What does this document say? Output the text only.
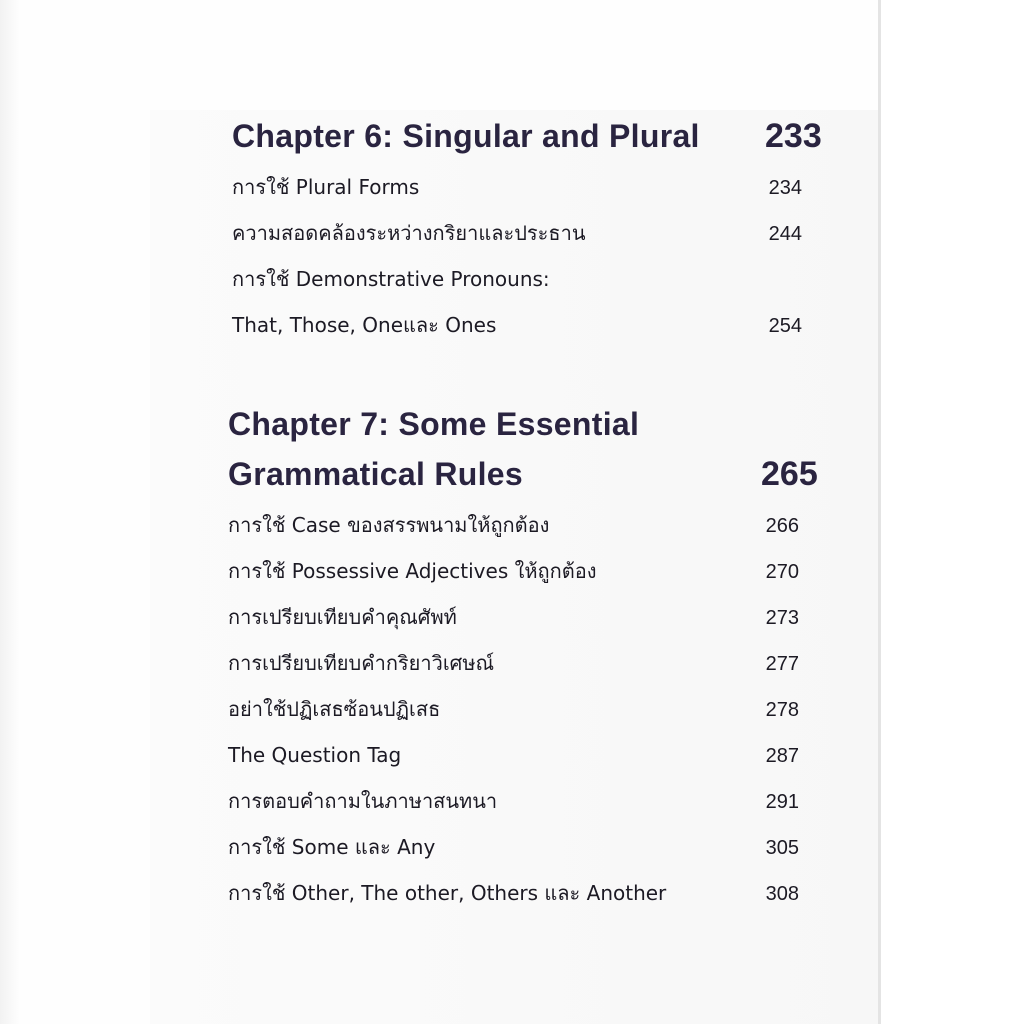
Chapter 6: Singular and Plural 233
การใช้ Plural Forms	234
ความสอดคล้องระหว่างกริยาและประธาน	244
การใช้ Demonstrative Pronouns:
That, Those, Oneและ Ones	254
Chapter 7: Some Essential
Grammatical Rules	265
การใช้ Case ของสรรพนามให้ถูกต้อง	266
การใช้ Possessive Adjectives ให้ถูกต้อง	270
การเปรียบเทียบคำคุณศัพท์	273
การเปรียบเทียบคำกริยาวิเศษณ์	277
อย่าใช้ปฏิเสธซ้อนปฏิเสธ	278
The Question Tag	287
การตอบคำถามในภาษาสนทนา	291
การใช้ Some และ Any	305
การใช้ Other, The other, Others และ Another	308
